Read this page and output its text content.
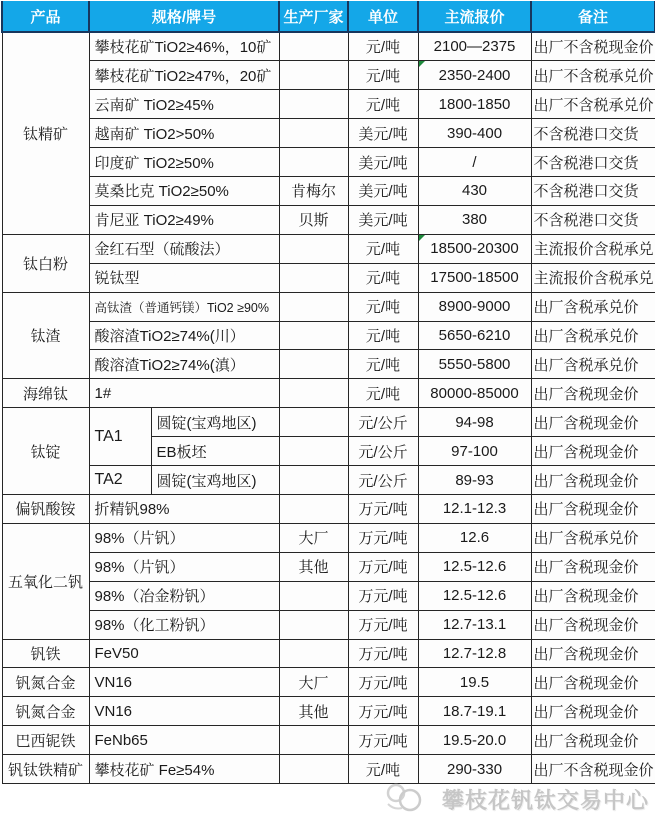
产品	规格/牌号		生产厂家	单位	主流报价	备注
钛精矿	攀枝花矿TiO2≥46%，10矿			元/吨	2100—2375	出厂不含税现金价
	攀枝花矿TiO2≥47%，20矿			元/吨	2350-2400	出厂不含税承兑价
	云南矿 TiO2≥45%			元/吨	1800-1850	出厂不含税承兑价
	越南矿 TiO2>50%			美元/吨	390-400	不含税港口交货
	印度矿 TiO2≥50%			美元/吨	/	不含税港口交货
	莫桑比克 TiO2≥50%		肯梅尔	美元/吨	430	不含税港口交货
	肯尼亚 TiO2≥49%		贝斯	美元/吨	380	不含税港口交货
钛白粉	金红石型（硫酸法）			元/吨	18500-20300	主流报价含税承兑
	锐钛型			元/吨	17500-18500	主流报价含税承兑
钛渣	高钛渣（普通钙镁）TiO2 ≥90%			元/吨	8900-9000	出厂含税承兑价
	酸溶渣TiO2≥74%(川）			元/吨	5650-6210	出厂含税承兑价
	酸溶渣TiO2≥74%(滇）			元/吨	5550-5800	出厂含税承兑价
海绵钛	1#			元/吨	80000-85000	出厂含税现金价
钛锭	TA1	圆锭(宝鸡地区)		元/公斤	94-98	出厂含税现金价
		EB板坯		元/公斤	97-100	出厂含税现金价
	TA2	圆锭(宝鸡地区)		元/公斤	89-93	出厂含税现金价
偏钒酸铵	折精钒98%			万元/吨	12.1-12.3	出厂含税现金价
五氧化二钒	98%（片钒）		大厂	万元/吨	12.6	出厂含税承兑价
	98%（片钒）		其他	万元/吨	12.5-12.6	出厂含税现金价
	98%（冶金粉钒）			万元/吨	12.5-12.6	出厂含税现金价
	98%（化工粉钒）			万元/吨	12.7-13.1	出厂含税现金价
钒铁	FeV50			万元/吨	12.7-12.8	出厂含税现金价
钒氮合金	VN16		大厂	万元/吨	19.5	出厂含税现金价
钒氮合金	VN16		其他	万元/吨	18.7-19.1	出厂含税现金价
巴西铌铁	FeNb65			万元/吨	19.5-20.0	出厂含税现金价
钒钛铁精矿	攀枝花矿 Fe≥54%			元/吨	290-330	出厂不含税现金价
攀枝花钒钛交易中心
